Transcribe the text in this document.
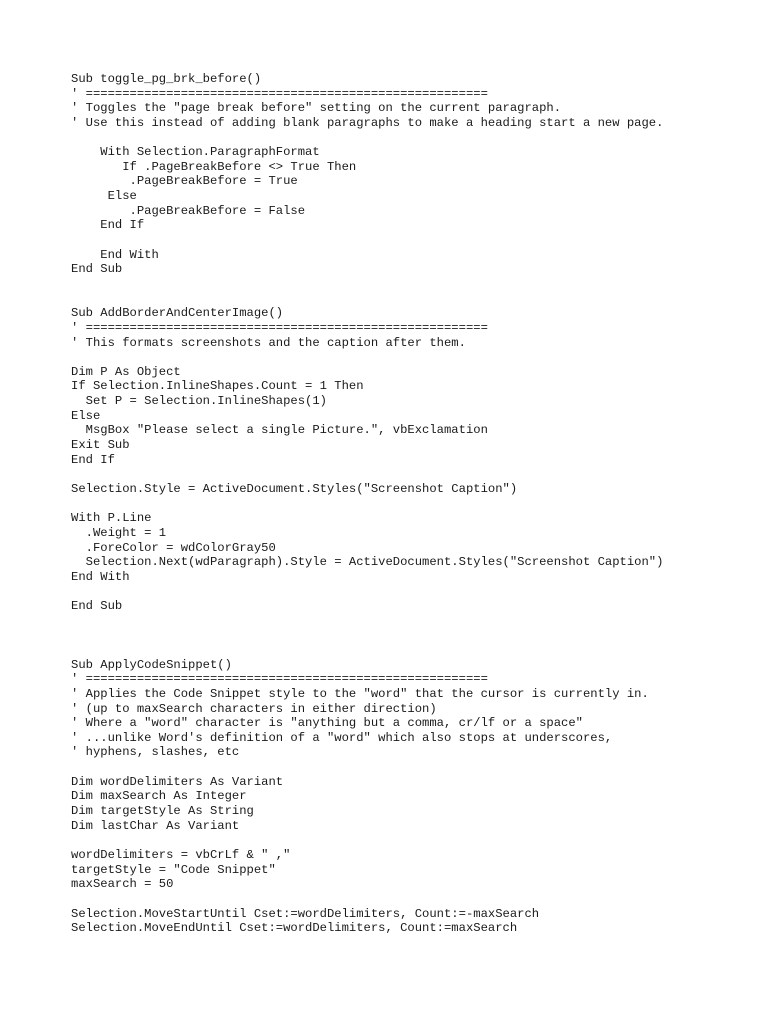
Sub toggle_pg_brk_before()
' =======================================================
' Toggles the "page break before" setting on the current paragraph.
' Use this instead of adding blank paragraphs to make a heading start a new page.
With Selection.ParagraphFormat
If .PageBreakBefore <> True Then
.PageBreakBefore = True
Else
.PageBreakBefore = False
End If
End With
End Sub
Sub AddBorderAndCenterImage()
' =======================================================
' This formats screenshots and the caption after them.
Dim P As Object
If Selection.InlineShapes.Count = 1 Then
Set P = Selection.InlineShapes(1)
Else
MsgBox "Please select a single Picture.", vbExclamation
Exit Sub
End If
Selection.Style = ActiveDocument.Styles("Screenshot Caption")
With P.Line
.Weight = 1
.ForeColor = wdColorGray50
Selection.Next(wdParagraph).Style = ActiveDocument.Styles("Screenshot Caption")
End With
End Sub
Sub ApplyCodeSnippet()
' =======================================================
' Applies the Code Snippet style to the "word" that the cursor is currently in.
' (up to maxSearch characters in either direction)
' Where a "word" character is "anything but a comma, cr/lf or a space"
' ...unlike Word's definition of a "word" which also stops at underscores,
' hyphens, slashes, etc
Dim wordDelimiters As Variant
Dim maxSearch As Integer
Dim targetStyle As String
Dim lastChar As Variant
wordDelimiters = vbCrLf & " ,"
targetStyle = "Code Snippet"
maxSearch = 50
Selection.MoveStartUntil Cset:=wordDelimiters, Count:=-maxSearch
Selection.MoveEndUntil Cset:=wordDelimiters, Count:=maxSearch
